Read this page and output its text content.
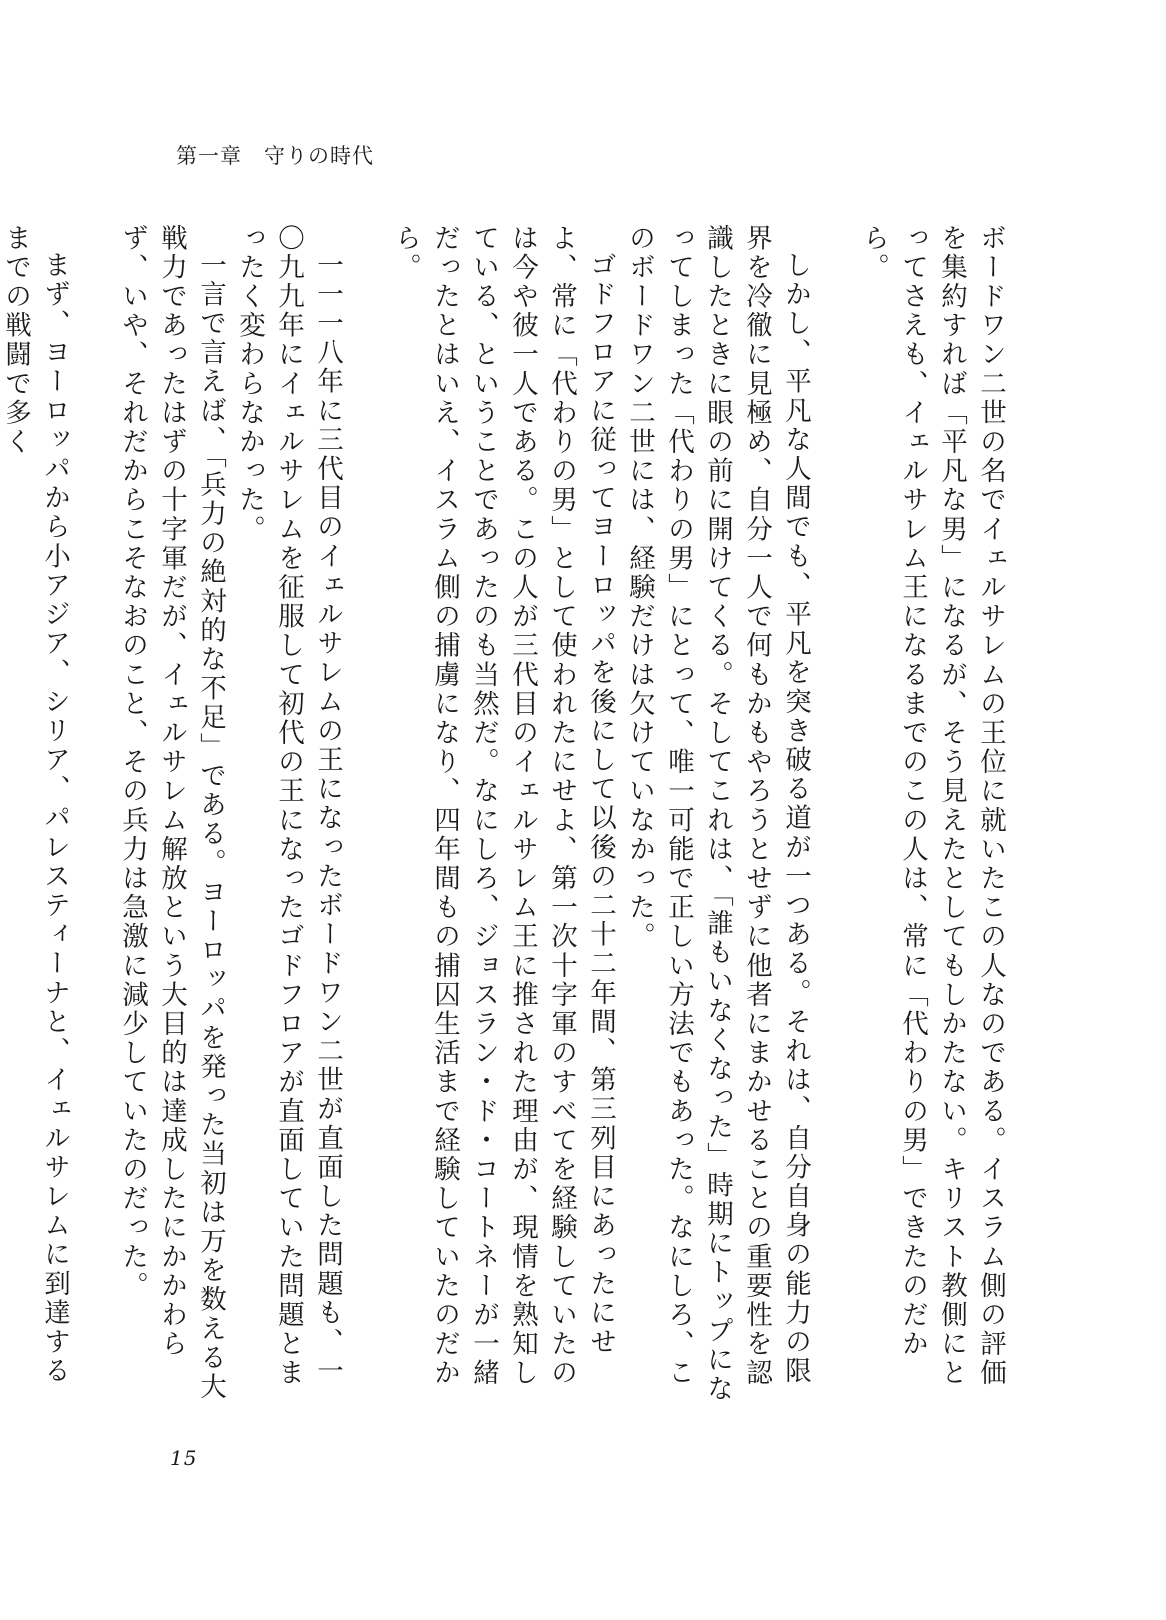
第一章　守りの時代

ボードワン二世の名でイェルサレムの王位に就いたこの人なのである。イスラム側の評価を集約すれば「平凡な男」になるが、そう見えたとしてもしかたない。キリスト教側にとってさえも、イェルサレム王になるまでのこの人は、常に「代わりの男」できたのだから。

しかし、平凡な人間でも、平凡を突き破る道が一つある。それは、自分自身の能力の限界を冷徹に見極め、自分一人で何もかもやろうとせずに他者にまかせることの重要性を認識したときに眼の前に開けてくる。そしてこれは、「誰もいなくなった」時期にトップになってしまった「代わりの男」にとって、唯一可能で正しい方法でもあった。なにしろ、このボードワン二世には、経験だけは欠けていなかった。

ゴドフロアに従ってヨーロッパを後にして以後の二十二年間、第三列目にあったにせよ、常に「代わりの男」として使われたにせよ、第一次十字軍のすべてを経験していたのは今や彼一人である。この人が三代目のイェルサレム王に推された理由が、現情を熟知している、ということであったのも当然だ。なにしろ、ジョスラン・ド・コートネーが一緒だったとはいえ、イスラム側の捕虜になり、四年間もの捕囚生活まで経験していたのだから。

一一一八年に三代目のイェルサレムの王になったボードワン二世が直面した問題も、一〇九九年にイェルサレムを征服して初代の王になったゴドフロアが直面していた問題とまったく変わらなかった。

一言で言えば、「兵力の絶対的な不足」である。ヨーロッパを発った当初は万を数える大戦力であったはずの十字軍だが、イェルサレム解放という大目的は達成したにかかわらず、いや、それだからこそなおのこと、その兵力は急激に減少していたのだった。

まず、ヨーロッパから小アジア、シリア、パレスティーナと、イェルサレムに到達するまでの戦闘で多く

15
